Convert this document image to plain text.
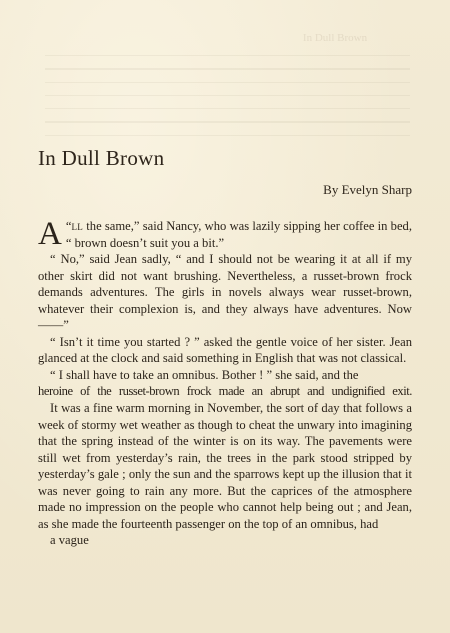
In Dull Brown
In Dull Brown
By Evelyn Sharp

“
A ll the same,” said Nancy, who was lazily sipping her coffee in bed, “ brown doesn’t suit you a bit.”

“ No,” said Jean sadly, “ and I should not be wearing it at all if my other skirt did not want brushing. Nevertheless, a russet-brown frock demands adventures. The girls in novels always wear russet-brown, whatever their complexion is, and they always have adventures. Now——”

“ Isn’t it time you started ? ” asked the gentle voice of her sister. Jean glanced at the clock and said something in English that was not classical.

“ I shall have to take an omnibus. Bother ! ” she said, and the

heroine of the russet-brown frock made an abrupt and undignified exit.

It was a fine warm morning in November, the sort of day that follows a week of stormy wet weather as though to cheat the unwary into imagining that the spring instead of the winter is on its way. The pavements were still wet from yesterday’s rain, the trees in the park stood stripped by yesterday’s gale ; only the sun and the sparrows kept up the illusion that it was never going to rain any more. But the caprices of the atmosphere made no impression on the people who cannot help being out ; and Jean, as she made the fourteenth passenger on the top of an omnibus, had

a vague
